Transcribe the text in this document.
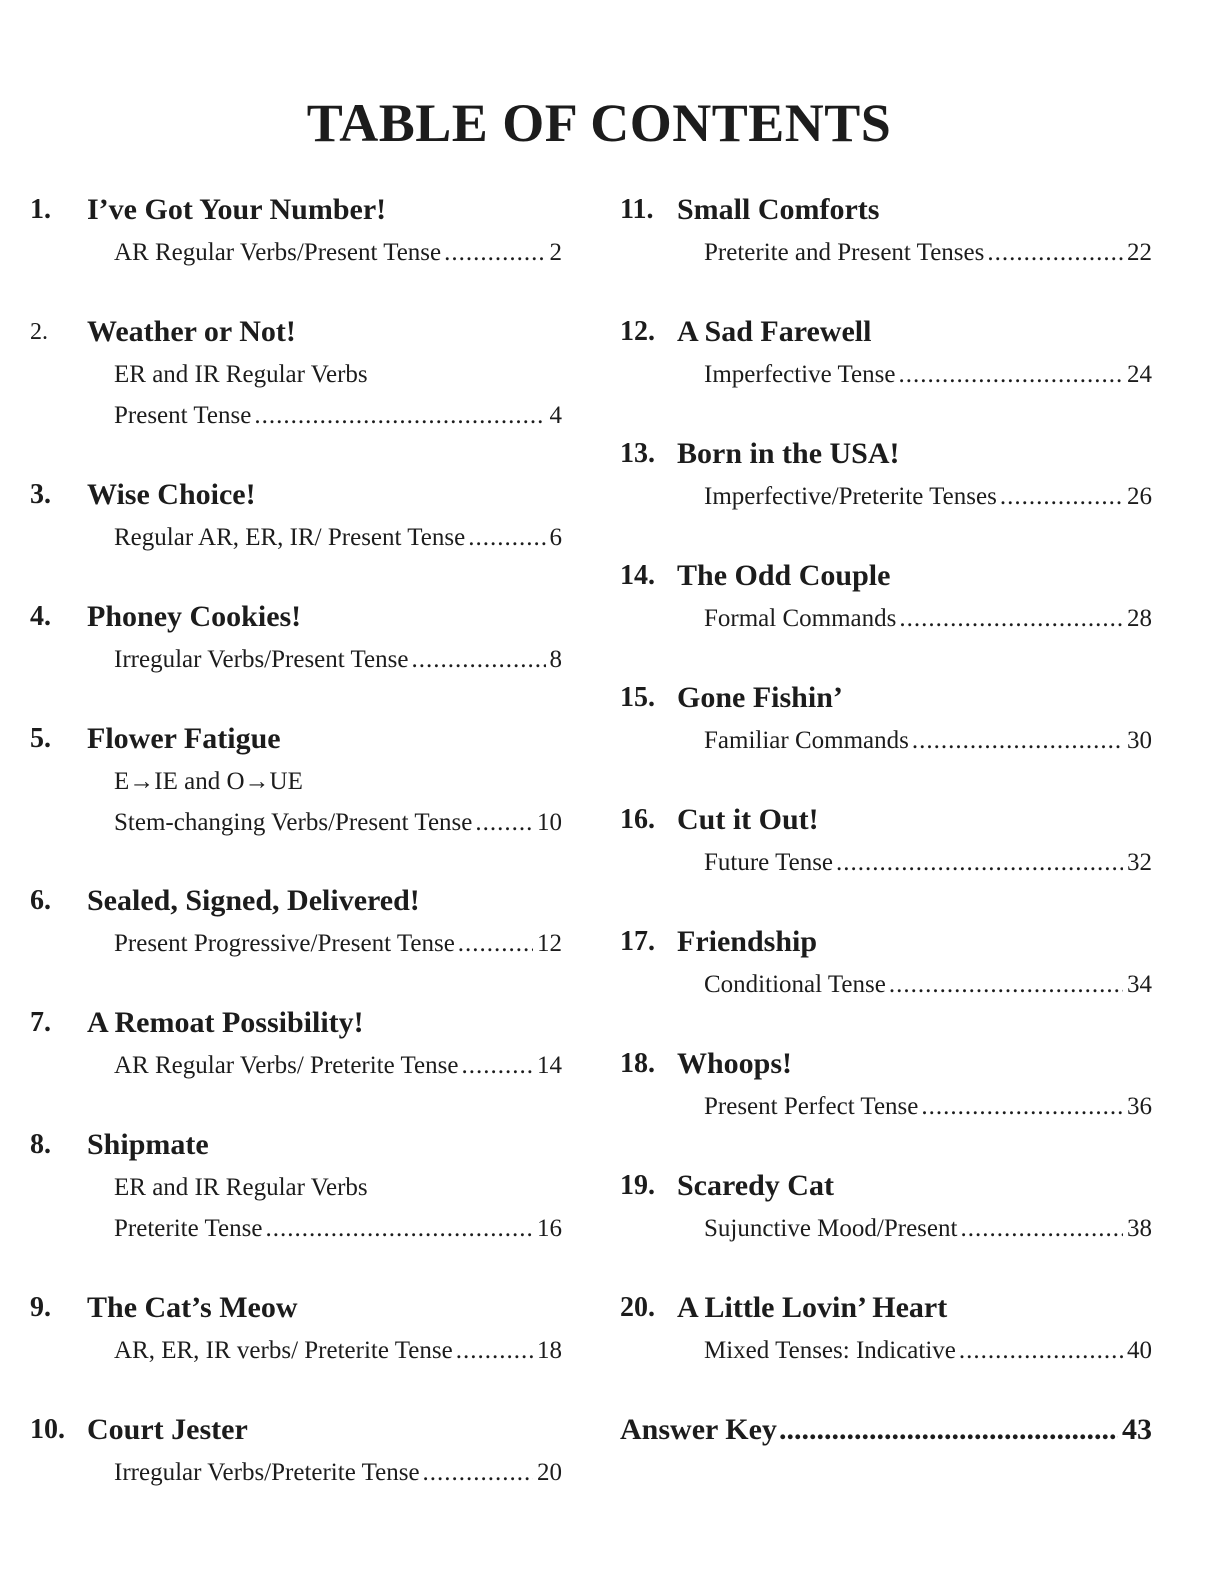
TABLE OF CONTENTS
1.	I’ve Got Your Number!
AR Regular Verbs/Present Tense .....	2
2.	Weather or Not!
ER and IR Regular Verbs
Present Tense .....	4
3.	Wise Choice!
Regular AR, ER, IR/ Present Tense .....	6
4.	Phoney Cookies!
Irregular Verbs/Present Tense .....	8
5.	Flower Fatigue
E→IE and O→UE
Stem-changing Verbs/Present Tense .....	10
6.	Sealed, Signed, Delivered!
Present Progressive/Present Tense .....	12
7.	A Remoat Possibility!
AR Regular Verbs/ Preterite Tense .....	14
8.	Shipmate
ER and IR Regular Verbs
Preterite Tense .....	16
9.	The Cat’s Meow
AR, ER, IR verbs/ Preterite Tense .....	18
10. Court Jester
Irregular Verbs/Preterite Tense .....	20
11. Small Comforts
Preterite and Present Tenses .....	22
12. A Sad Farewell
Imperfective Tense .....	24
13. Born in the USA!
Imperfective/Preterite Tenses .....	26
14. The Odd Couple
Formal Commands .....	28
15. Gone Fishin’
Familiar Commands .....	30
16. Cut it Out!
Future Tense .....	32
17. Friendship
Conditional Tense .....	34
18. Whoops!
Present Perfect Tense .....	36
19. Scaredy Cat
Sujunctive Mood/Present .....	38
20. A Little Lovin’ Heart
Mixed Tenses: Indicative .....	40
Answer Key .....	43
